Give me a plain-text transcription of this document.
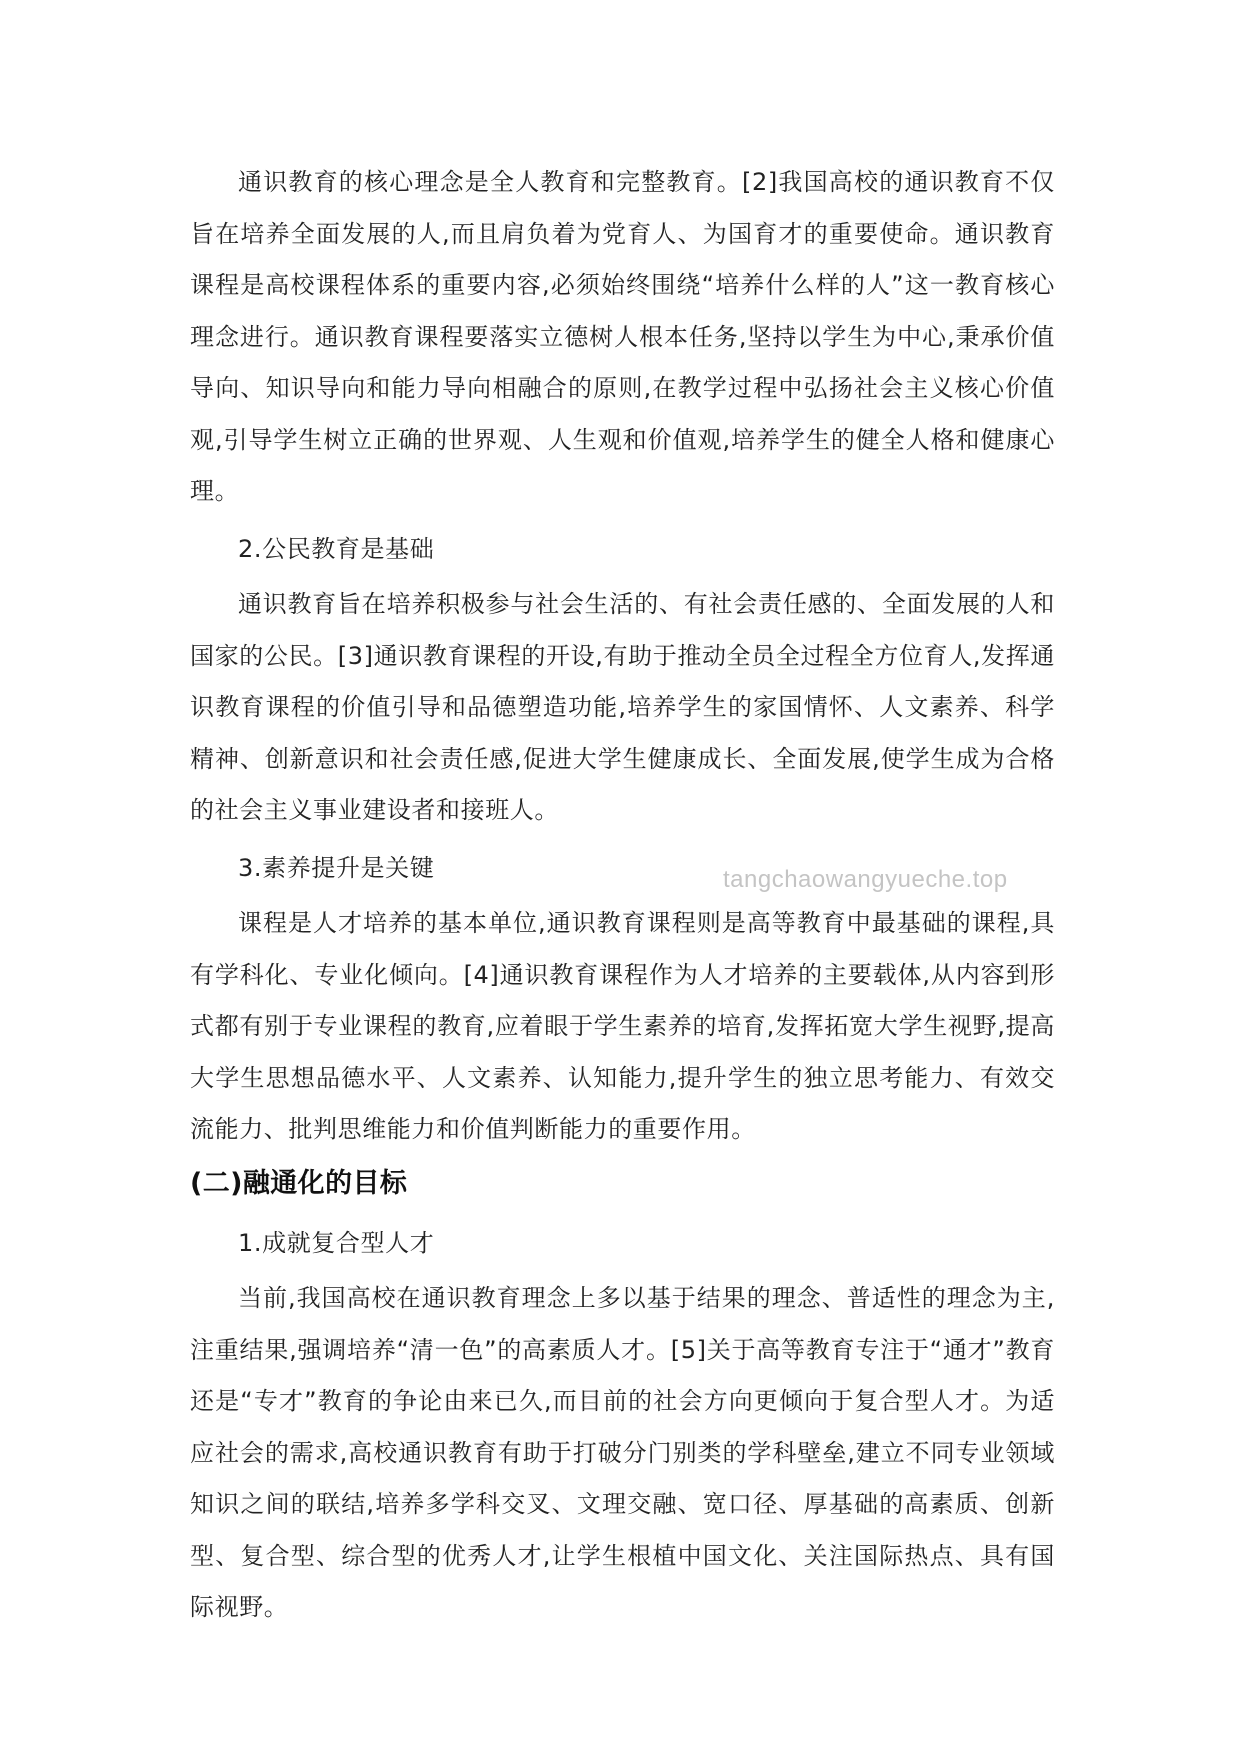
通识教育的核心理念是全人教育和完整教育。[2]我国高校的通识教育不仅旨在培养全面发展的人,而且肩负着为党育人、为国育才的重要使命。通识教育课程是高校课程体系的重要内容,必须始终围绕“培养什么样的人”这一教育核心理念进行。通识教育课程要落实立德树人根本任务,坚持以学生为中心,秉承价值导向、知识导向和能力导向相融合的原则,在教学过程中弘扬社会主义核心价值观,引导学生树立正确的世界观、人生观和价值观,培养学生的健全人格和健康心理。

2.公民教育是基础

通识教育旨在培养积极参与社会生活的、有社会责任感的、全面发展的人和国家的公民。[3]通识教育课程的开设,有助于推动全员全过程全方位育人,发挥通识教育课程的价值引导和品德塑造功能,培养学生的家国情怀、人文素养、科学精神、创新意识和社会责任感,促进大学生健康成长、全面发展,使学生成为合格的社会主义事业建设者和接班人。

3.素养提升是关键

课程是人才培养的基本单位,通识教育课程则是高等教育中最基础的课程,具有学科化、专业化倾向。[4]通识教育课程作为人才培养的主要载体,从内容到形式都有别于专业课程的教育,应着眼于学生素养的培育,发挥拓宽大学生视野,提高大学生思想品德水平、人文素养、认知能力,提升学生的独立思考能力、有效交流能力、批判思维能力和价值判断能力的重要作用。

(二)融通化的目标

1.成就复合型人才

当前,我国高校在通识教育理念上多以基于结果的理念、普适性的理念为主,注重结果,强调培养“清一色”的高素质人才。[5]关于高等教育专注于“通才”教育还是“专才”教育的争论由来已久,而目前的社会方向更倾向于复合型人才。为适应社会的需求,高校通识教育有助于打破分门别类的学科壁垒,建立不同专业领域知识之间的联结,培养多学科交叉、文理交融、宽口径、厚基础的高素质、创新型、复合型、综合型的优秀人才,让学生根植中国文化、关注国际热点、具有国际视野。

tangchaowangyueche.top
